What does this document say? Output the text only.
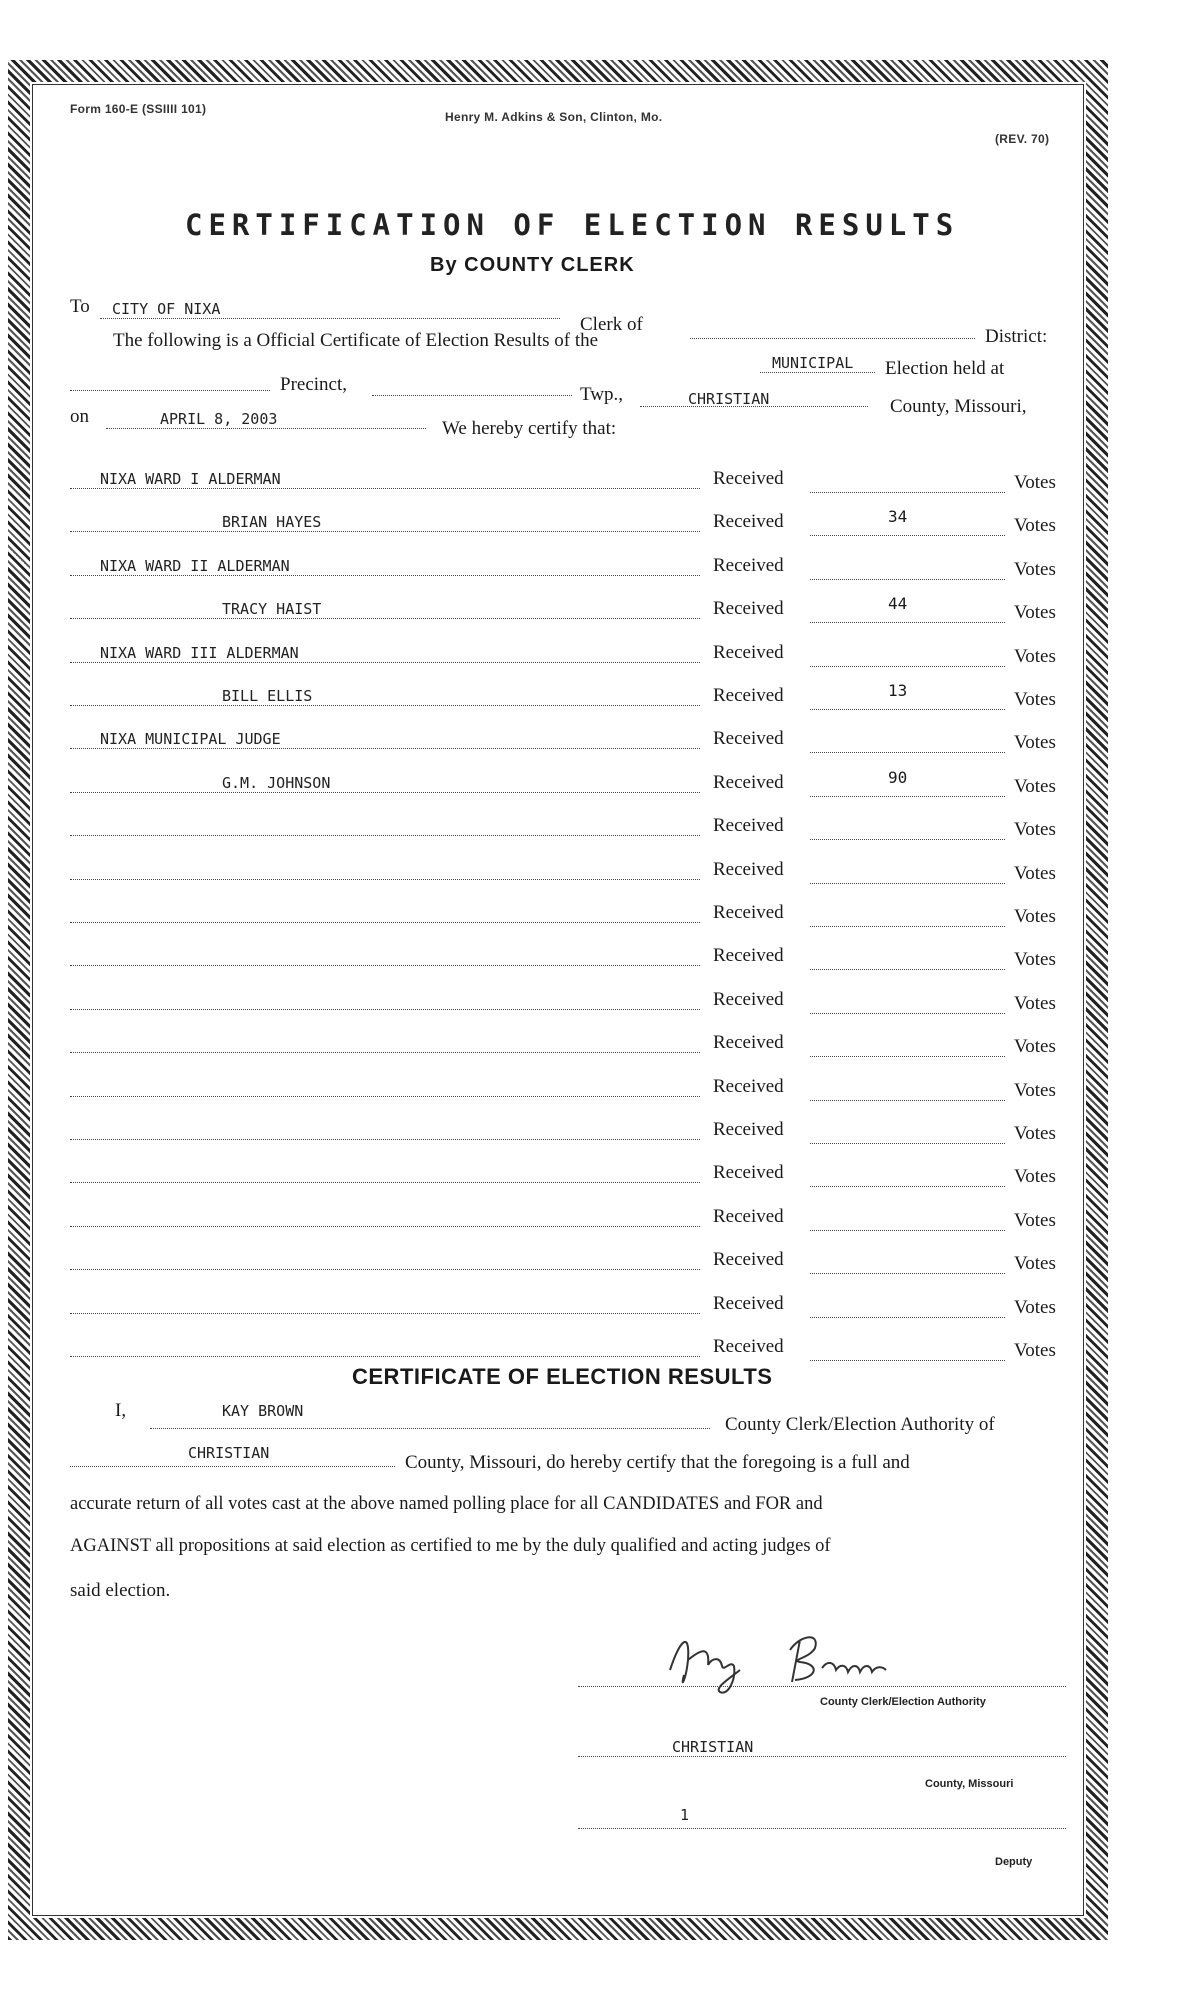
Form 160-E (SSIIII 101)
Henry M. Adkins & Son, Clinton, Mo.
(REV. 70)
CERTIFICATION OF ELECTION RESULTS
By COUNTY CLERK
To CITY OF NIXA
Clerk of
District:
The following is a Official Certificate of Election Results of the
MUNICIPAL Election held at
Precinct,	Twp.,	CHRISTIAN	County, Missouri,
on	APRIL 8, 2003	We hereby certify that:
NIXA WARD I ALDERMAN	Received	Votes
BRIAN HAYES	Received	34	Votes
NIXA WARD II ALDERMAN	Received	Votes
TRACY HAIST	Received	44	Votes
NIXA WARD III ALDERMAN	Received	Votes
BILL ELLIS	Received	13	Votes
NIXA MUNICIPAL JUDGE	Received	Votes
G.M. JOHNSON	Received	90	Votes
Received	Votes
Received	Votes
Received	Votes
Received	Votes
Received	Votes
Received	Votes
Received	Votes
Received	Votes
Received	Votes
Received	Votes
Received	Votes
Received	Votes
Received	Votes
CERTIFICATE OF ELECTION RESULTS
I,	KAY BROWN
County Clerk/Election Authority of
CHRISTIAN	County, Missouri, do hereby certify that the foregoing is a full and
accurate return of all votes cast at the above named polling place for all CANDIDATES and FOR and
AGAINST all propositions at said election as certified to me by the duly qualified and acting judges of
said election.
County Clerk/Election Authority
CHRISTIAN
County, Missouri
1
Deputy
